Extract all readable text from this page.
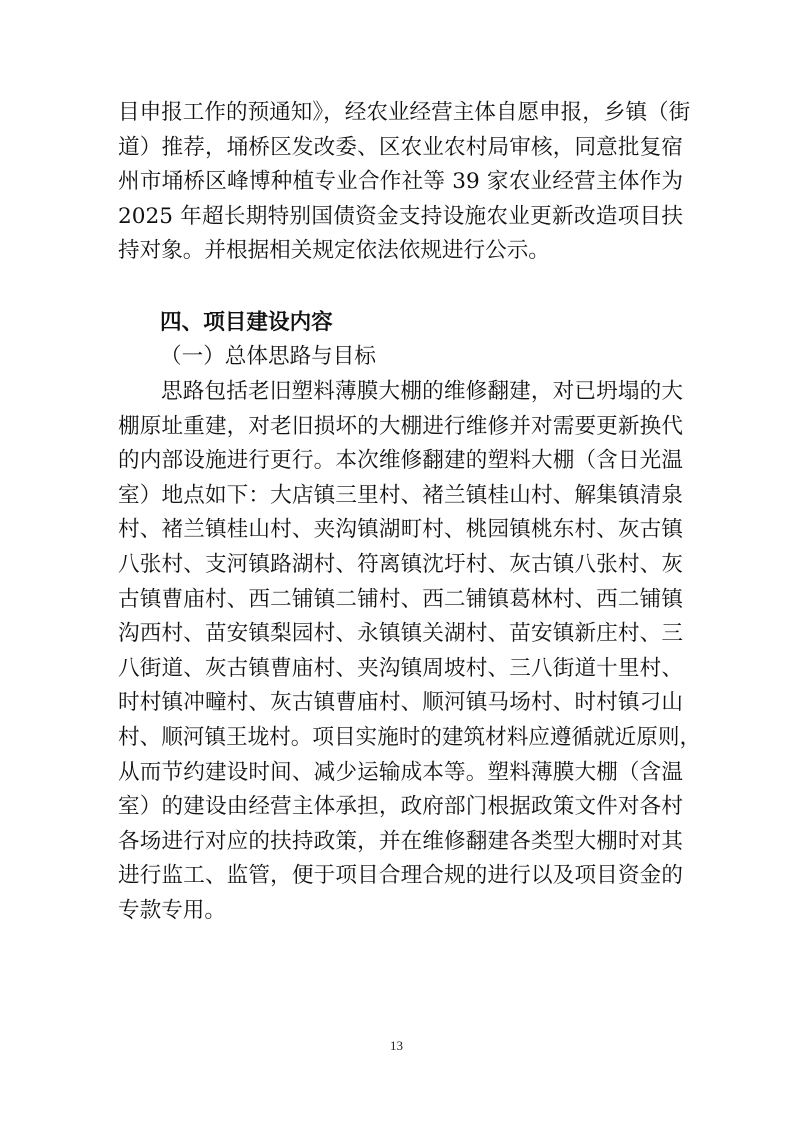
目申报工作的预通知》，经农业经营主体自愿申报，乡镇（街
道）推荐，埇桥区发改委、区农业农村局审核，同意批复宿
州市埇桥区峰博种植专业合作社等 39 家农业经营主体作为
2025 年超长期特别国债资金支持设施农业更新改造项目扶
持对象。并根据相关规定依法依规进行公示。
四、项目建设内容
（一）总体思路与目标
思路包括老旧塑料薄膜大棚的维修翻建，对已坍塌的大
棚原址重建，对老旧损坏的大棚进行维修并对需要更新换代
的内部设施进行更行。本次维修翻建的塑料大棚（含日光温
室）地点如下：大店镇三里村、褚兰镇桂山村、解集镇清泉
村、褚兰镇桂山村、夹沟镇湖町村、桃园镇桃东村、灰古镇
八张村、支河镇路湖村、符离镇沈圩村、灰古镇八张村、灰
古镇曹庙村、西二铺镇二铺村、西二铺镇葛林村、西二铺镇
沟西村、苗安镇梨园村、永镇镇关湖村、苗安镇新庄村、三
八街道、灰古镇曹庙村、夹沟镇周坡村、三八街道十里村、
时村镇冲疃村、灰古镇曹庙村、顺河镇马场村、时村镇刁山
村、顺河镇王垅村。项目实施时的建筑材料应遵循就近原则，
从而节约建设时间、减少运输成本等。塑料薄膜大棚（含温
室）的建设由经营主体承担，政府部门根据政策文件对各村
各场进行对应的扶持政策，并在维修翻建各类型大棚时对其
进行监工、监管，便于项目合理合规的进行以及项目资金的
专款专用。
13
